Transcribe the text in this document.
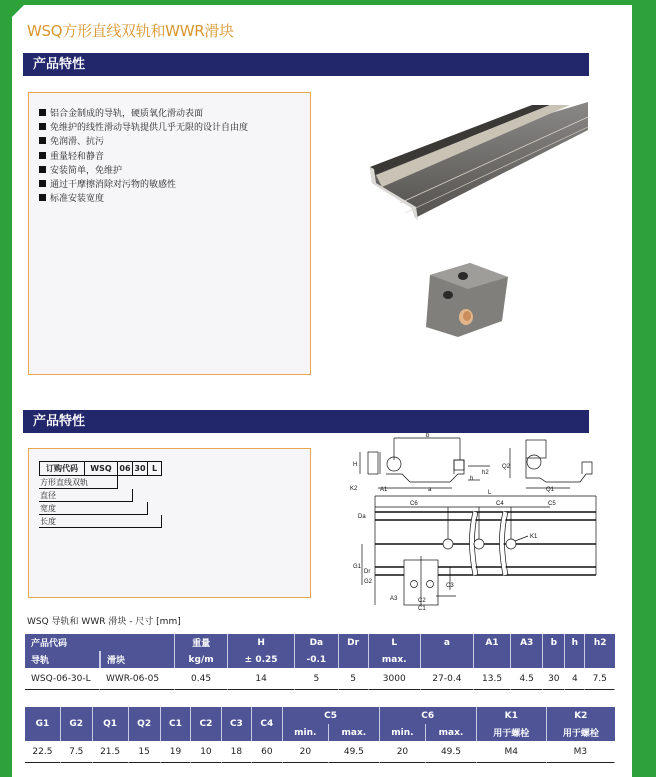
WSQ方形直线双轨和WWR滑块
产品特性
铝合金制成的导轨，硬质氧化滑动表面
免维护的线性滑动导轨提供几乎无限的设计自由度
免润滑、抗污
重量轻和静音
安装简单，免维护
通过干摩擦消除对污物的敏感性
标准安装宽度
产品特性
订购代码	WSQ 06 30 L
方形直线双轨
直径
宽度
长度
b
H
K2	A1	a
h
h2
Q2
Q1
L
C6	C4	C5
Da
K1
G1
Dr
G2
C3
A3	C2
C1
WSQ 导轨和 WWR 滑块 - 尺寸 [mm]
产品代码		重量	H	Da	Dr	L	a	A1	A3	b	h	h2
导轨	滑块	kg/m	± 0.25	-0.1		max.						
WSQ-06-30-L	WWR-06-05	0.45	14	5	5	3000	27-0.4	13.5	4.5	30	4	7.5
G1	G2	Q1	Q2	C1	C2	C3	C4	C5		C6		K1	K2
								min.	max.	min.	max.	用于螺栓	用于螺栓
22.5	7.5	21.5	15	19	10	18	60	20	49.5	20	49.5	M4	M3
